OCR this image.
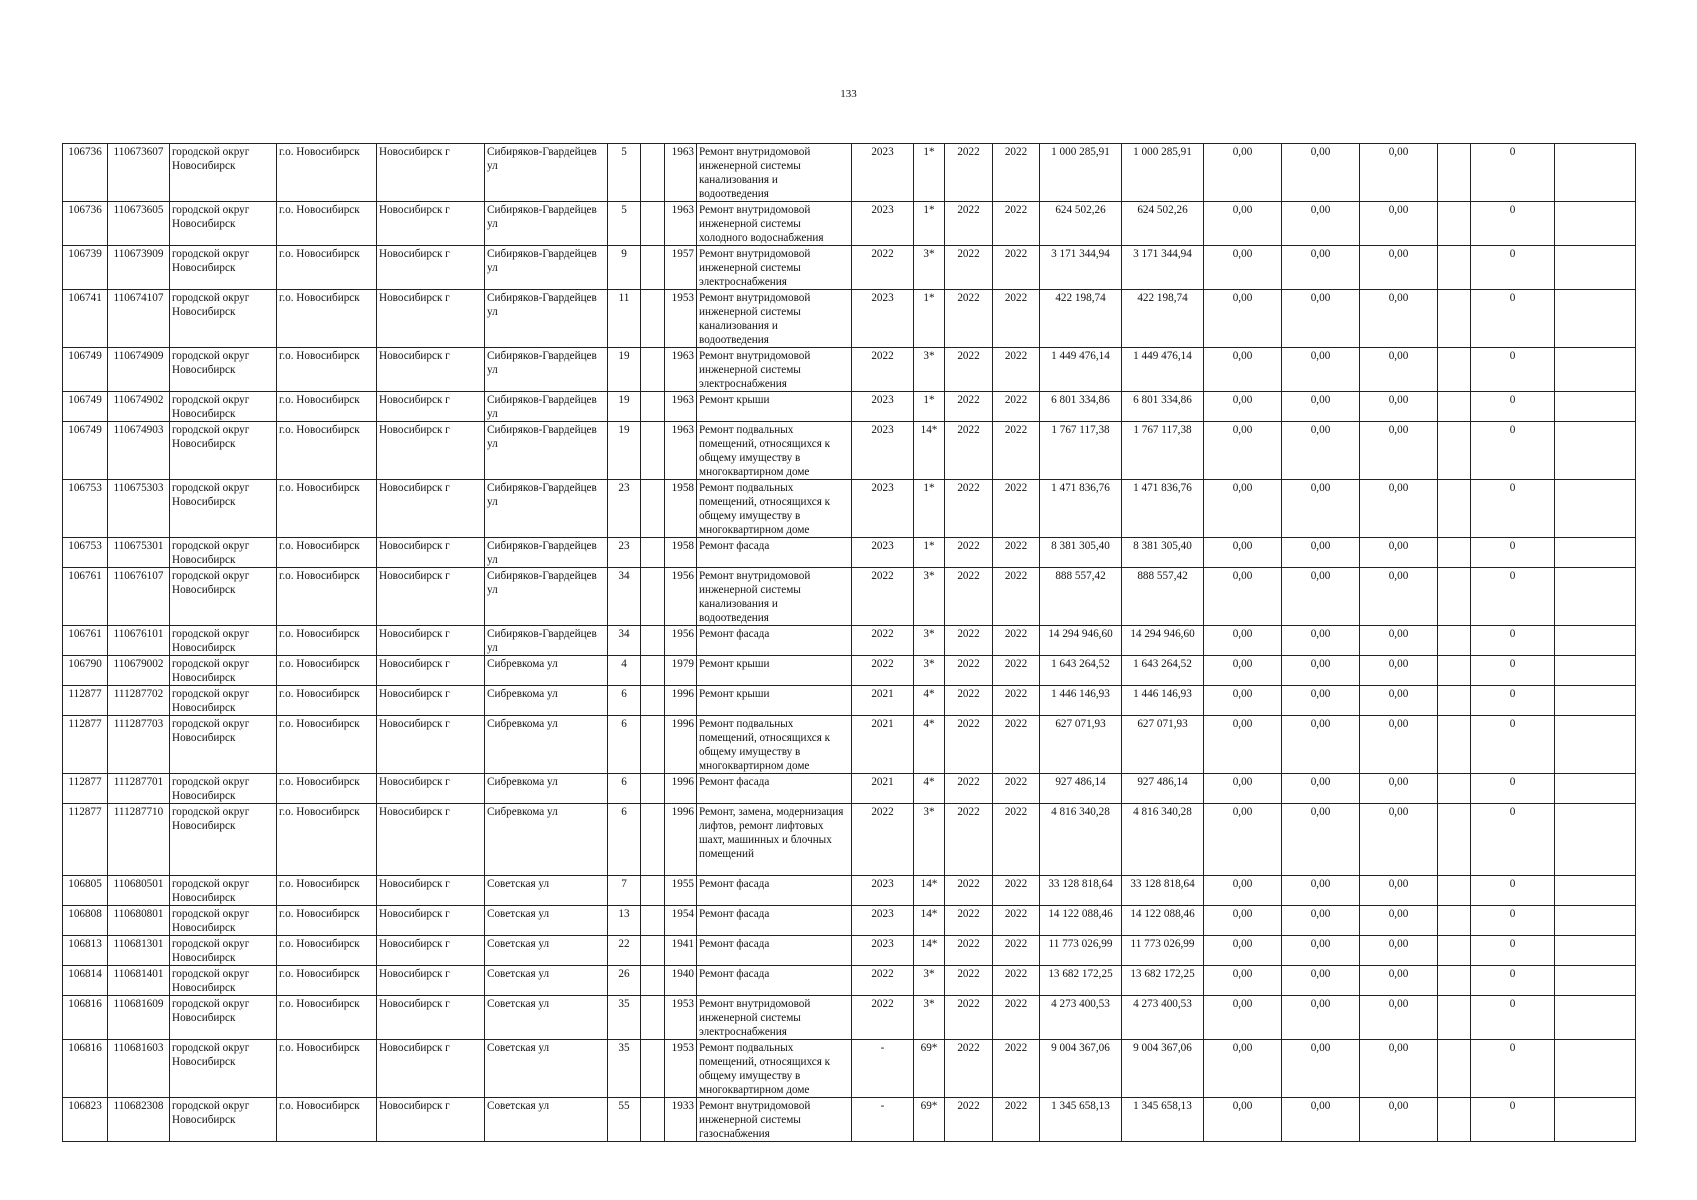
133
106736	110673607	городской округ Новосибирск	г.о. Новосибирск	Новосибирск г	Сибиряков-Гвардейцев ул	5		1963	Ремонт внутридомовой инженерной системы канализования и водоотведения	2023	1*	2022	2022	1 000 285,91	1 000 285,91	0,00	0,00	0,00		0	
106736	110673605	городской округ Новосибирск	г.о. Новосибирск	Новосибирск г	Сибиряков-Гвардейцев ул	5		1963	Ремонт внутридомовой инженерной системы холодного водоснабжения	2023	1*	2022	2022	624 502,26	624 502,26	0,00	0,00	0,00		0	
106739	110673909	городской округ Новосибирск	г.о. Новосибирск	Новосибирск г	Сибиряков-Гвардейцев ул	9		1957	Ремонт внутридомовой инженерной системы электроснабжения	2022	3*	2022	2022	3 171 344,94	3 171 344,94	0,00	0,00	0,00		0	
106741	110674107	городской округ Новосибирск	г.о. Новосибирск	Новосибирск г	Сибиряков-Гвардейцев ул	11		1953	Ремонт внутридомовой инженерной системы канализования и водоотведения	2023	1*	2022	2022	422 198,74	422 198,74	0,00	0,00	0,00		0	
106749	110674909	городской округ Новосибирск	г.о. Новосибирск	Новосибирск г	Сибиряков-Гвардейцев ул	19		1963	Ремонт внутридомовой инженерной системы электроснабжения	2022	3*	2022	2022	1 449 476,14	1 449 476,14	0,00	0,00	0,00		0	
106749	110674902	городской округ Новосибирск	г.о. Новосибирск	Новосибирск г	Сибиряков-Гвардейцев ул	19		1963	Ремонт крыши	2023	1*	2022	2022	6 801 334,86	6 801 334,86	0,00	0,00	0,00		0	
106749	110674903	городской округ Новосибирск	г.о. Новосибирск	Новосибирск г	Сибиряков-Гвардейцев ул	19		1963	Ремонт подвальных помещений, относящихся к общему имуществу в многоквартирном доме	2023	14*	2022	2022	1 767 117,38	1 767 117,38	0,00	0,00	0,00		0	
106753	110675303	городской округ Новосибирск	г.о. Новосибирск	Новосибирск г	Сибиряков-Гвардейцев ул	23		1958	Ремонт подвальных помещений, относящихся к общему имуществу в многоквартирном доме	2023	1*	2022	2022	1 471 836,76	1 471 836,76	0,00	0,00	0,00		0	
106753	110675301	городской округ Новосибирск	г.о. Новосибирск	Новосибирск г	Сибиряков-Гвардейцев ул	23		1958	Ремонт фасада	2023	1*	2022	2022	8 381 305,40	8 381 305,40	0,00	0,00	0,00		0	
106761	110676107	городской округ Новосибирск	г.о. Новосибирск	Новосибирск г	Сибиряков-Гвардейцев ул	34		1956	Ремонт внутридомовой инженерной системы канализования и водоотведения	2022	3*	2022	2022	888 557,42	888 557,42	0,00	0,00	0,00		0	
106761	110676101	городской округ Новосибирск	г.о. Новосибирск	Новосибирск г	Сибиряков-Гвардейцев ул	34		1956	Ремонт фасада	2022	3*	2022	2022	14 294 946,60	14 294 946,60	0,00	0,00	0,00		0	
106790	110679002	городской округ Новосибирск	г.о. Новосибирск	Новосибирск г	Сибревкома ул	4		1979	Ремонт крыши	2022	3*	2022	2022	1 643 264,52	1 643 264,52	0,00	0,00	0,00		0	
112877	111287702	городской округ Новосибирск	г.о. Новосибирск	Новосибирск г	Сибревкома ул	6		1996	Ремонт крыши	2021	4*	2022	2022	1 446 146,93	1 446 146,93	0,00	0,00	0,00		0	
112877	111287703	городской округ Новосибирск	г.о. Новосибирск	Новосибирск г	Сибревкома ул	6		1996	Ремонт подвальных помещений, относящихся к общему имуществу в многоквартирном доме	2021	4*	2022	2022	627 071,93	627 071,93	0,00	0,00	0,00		0	
112877	111287701	городской округ Новосибирск	г.о. Новосибирск	Новосибирск г	Сибревкома ул	6		1996	Ремонт фасада	2021	4*	2022	2022	927 486,14	927 486,14	0,00	0,00	0,00		0	
112877	111287710	городской округ Новосибирск	г.о. Новосибирск	Новосибирск г	Сибревкома ул	6		1996	Ремонт, замена, модернизация лифтов, ремонт лифтовых шахт, машинных и блочных помещений	2022	3*	2022	2022	4 816 340,28	4 816 340,28	0,00	0,00	0,00		0	
106805	110680501	городской округ Новосибирск	г.о. Новосибирск	Новосибирск г	Советская ул	7		1955	Ремонт фасада	2023	14*	2022	2022	33 128 818,64	33 128 818,64	0,00	0,00	0,00		0	
106808	110680801	городской округ Новосибирск	г.о. Новосибирск	Новосибирск г	Советская ул	13		1954	Ремонт фасада	2023	14*	2022	2022	14 122 088,46	14 122 088,46	0,00	0,00	0,00		0	
106813	110681301	городской округ Новосибирск	г.о. Новосибирск	Новосибирск г	Советская ул	22		1941	Ремонт фасада	2023	14*	2022	2022	11 773 026,99	11 773 026,99	0,00	0,00	0,00		0	
106814	110681401	городской округ Новосибирск	г.о. Новосибирск	Новосибирск г	Советская ул	26		1940	Ремонт фасада	2022	3*	2022	2022	13 682 172,25	13 682 172,25	0,00	0,00	0,00		0	
106816	110681609	городской округ Новосибирск	г.о. Новосибирск	Новосибирск г	Советская ул	35		1953	Ремонт внутридомовой инженерной системы электроснабжения	2022	3*	2022	2022	4 273 400,53	4 273 400,53	0,00	0,00	0,00		0	
106816	110681603	городской округ Новосибирск	г.о. Новосибирск	Новосибирск г	Советская ул	35		1953	Ремонт подвальных помещений, относящихся к общему имуществу в многоквартирном доме	-	69*	2022	2022	9 004 367,06	9 004 367,06	0,00	0,00	0,00		0	
106823	110682308	городской округ Новосибирск	г.о. Новосибирск	Новосибирск г	Советская ул	55		1933	Ремонт внутридомовой инженерной системы газоснабжения	-	69*	2022	2022	1 345 658,13	1 345 658,13	0,00	0,00	0,00		0	
